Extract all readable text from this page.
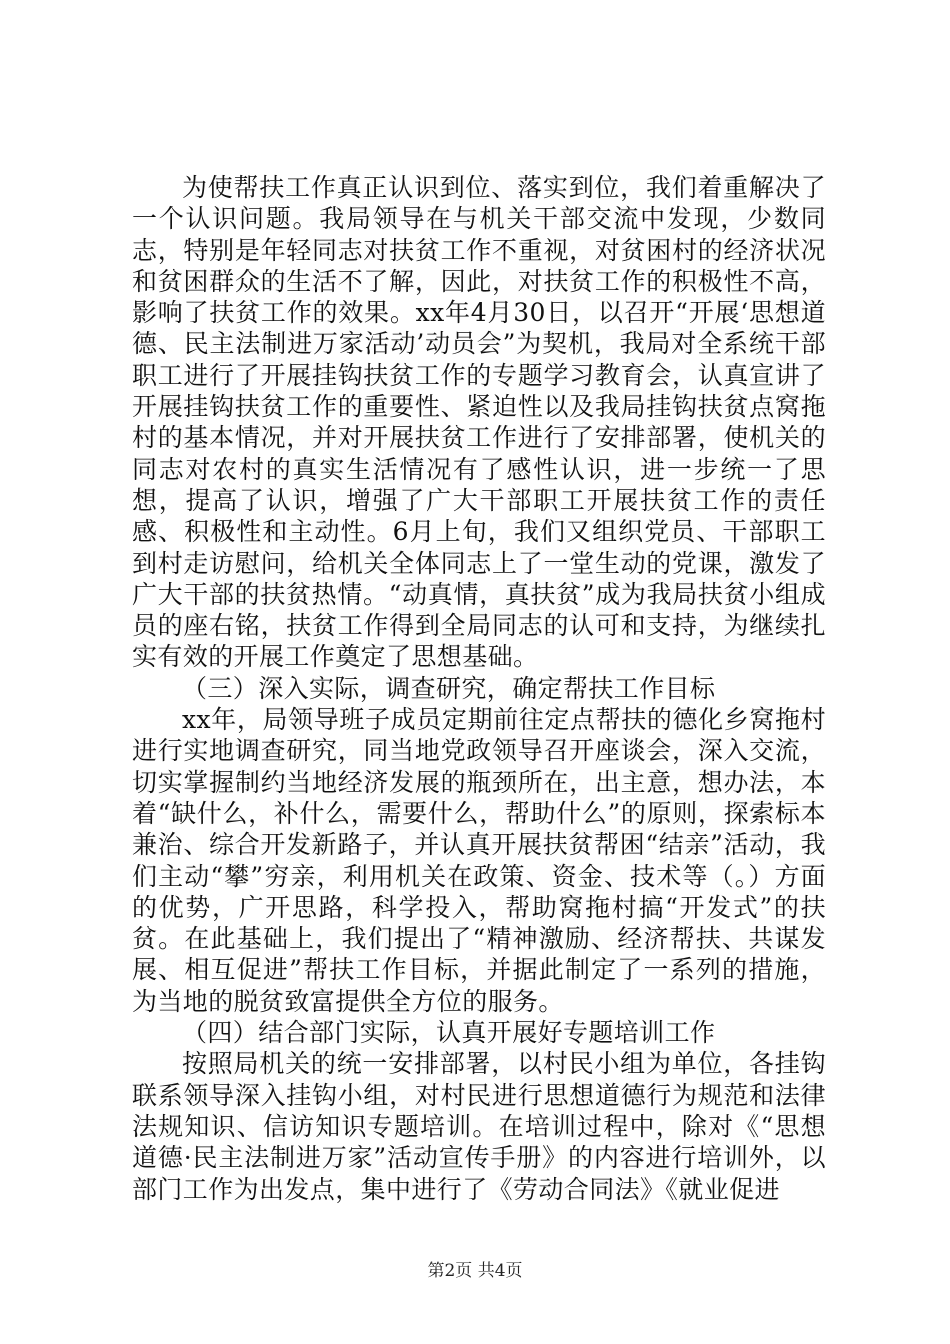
为使帮扶工作真正认识到位、落实到位，我们着重解决了一个认识问题。我局领导在与机关干部交流中发现，少数同志，特别是年轻同志对扶贫工作不重视，对贫困村的经济状况和贫困群众的生活不了解，因此，对扶贫工作的积极性不高，影响了扶贫工作的效果。xx年4月30日，以召开“开展‘思想道德、民主法制进万家活动’动员会”为契机，我局对全系统干部职工进行了开展挂钩扶贫工作的专题学习教育会，认真宣讲了开展挂钩扶贫工作的重要性、紧迫性以及我局挂钩扶贫点窝拖村的基本情况，并对开展扶贫工作进行了安排部署，使机关的同志对农村的真实生活情况有了感性认识，进一步统一了思想，提高了认识，增强了广大干部职工开展扶贫工作的责任感、积极性和主动性。6月上旬，我们又组织党员、干部职工到村走访慰问，给机关全体同志上了一堂生动的党课，激发了广大干部的扶贫热情。“动真情，真扶贫”成为我局扶贫小组成员的座右铭，扶贫工作得到全局同志的认可和支持，为继续扎实有效的开展工作奠定了思想基础。

（三）深入实际，调查研究，确定帮扶工作目标

xx年，局领导班子成员定期前往定点帮扶的德化乡窝拖村进行实地调查研究，同当地党政领导召开座谈会，深入交流，切实掌握制约当地经济发展的瓶颈所在，出主意，想办法，本着“缺什么，补什么，需要什么，帮助什么”的原则，探索标本兼治、综合开发新路子，并认真开展扶贫帮困“结亲”活动，我们主动“攀”穷亲，利用机关在政策、资金、技术等（。）方面的优势，广开思路，科学投入，帮助窝拖村搞“开发式”的扶贫。在此基础上，我们提出了“精神激励、经济帮扶、共谋发展、相互促进”帮扶工作目标，并据此制定了一系列的措施，为当地的脱贫致富提供全方位的服务。

（四）结合部门实际，认真开展好专题培训工作

按照局机关的统一安排部署，以村民小组为单位，各挂钩联系领导深入挂钩小组，对村民进行思想道德行为规范和法律法规知识、信访知识专题培训。在培训过程中，除对《“思想道德·民主法制进万家”活动宣传手册》的内容进行培训外，以部门工作为出发点，集中进行了《劳动合同法》《就业促进

第2页 共4页
